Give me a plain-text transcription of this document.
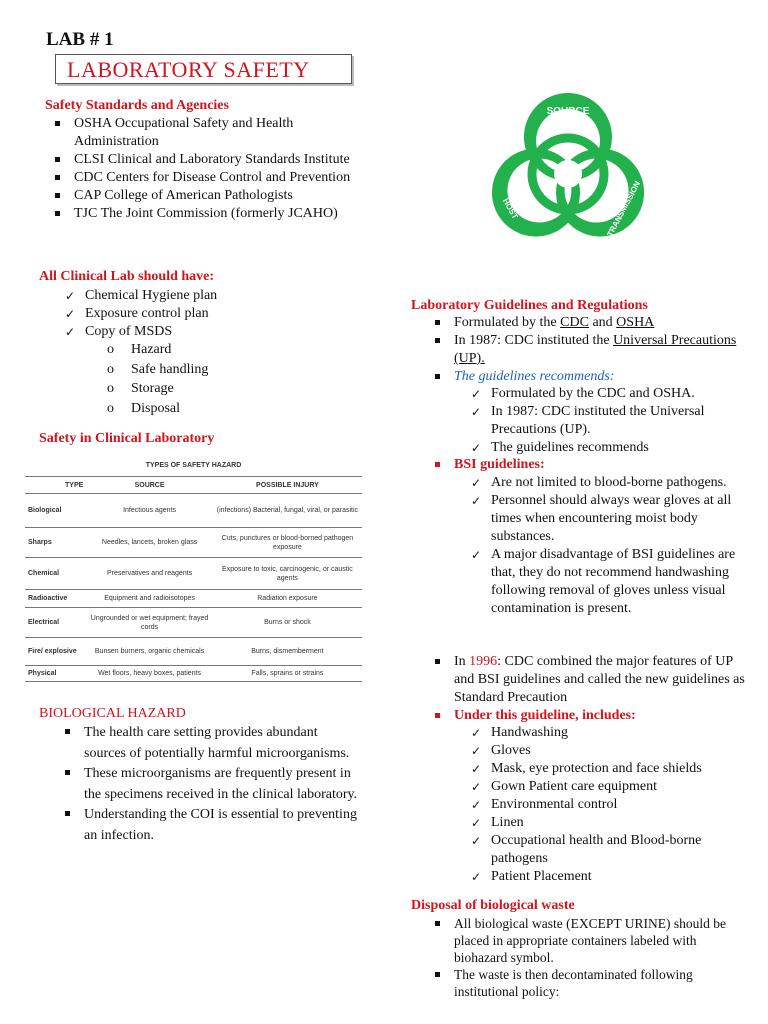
LAB # 1
LABORATORY SAFETY
Safety Standards and Agencies
OSHA Occupational Safety and Health Administration
CLSI Clinical and Laboratory Standards Institute
CDC Centers for Disease Control and Prevention
CAP College of American Pathologists
TJC The Joint Commission (formerly JCAHO)
All Clinical Lab should have:
✓ Chemical Hygiene plan
✓ Exposure control plan
✓ Copy of MSDS
o Hazard
o Safe handling
o Storage
o Disposal
Safety in Clinical Laboratory
TYPES OF SAFETY HAZARD		
TYPE	SOURCE	POSSIBLE INJURY
Biological	Infectious agents	(infections) Bacterial, fungal, viral, or parasitic
Sharps	Needles, lancets, broken glass	Cuts, punctures or blood-borned pathogen exposure
Chemical	Preservatives and reagents	Exposure to toxic, carcinogenic, or caustic agents
Radioactive	Equipment and radioisotopes	Radiation exposure
Electrical	Ungrounded or wet equipment; frayed cords	Burns or shock
Fire/ explosive	Bunsen burners, organic chemicals	Burns, dismemberment
Physical	Wet floors, heavy boxes, patients	Falls, sprains or strains
BIOLOGICAL HAZARD
The health care setting provides abundant sources of potentially harmful microorganisms.
These microorganisms are frequently present in the specimens received in the clinical laboratory.
Understanding the COI is essential to preventing an infection.
SOURCE
HOST	TRANSMISSION
Laboratory Guidelines and Regulations
Formulated by the CDC and OSHA
In 1987: CDC instituted the Universal Precautions (UP).
The guidelines recommends:
✓ Formulated by the CDC and OSHA.
✓ In 1987: CDC instituted the Universal Precautions (UP).
✓ The guidelines recommends
BSI guidelines:
✓ Are not limited to blood-borne pathogens.
✓ Personnel should always wear gloves at all times when encountering moist body substances.
✓ A major disadvantage of BSI guidelines are that, they do not recommend handwashing following removal of gloves unless visual contamination is present.
In 1996: CDC combined the major features of UP and BSI guidelines and called the new guidelines as Standard Precaution
Under this guideline, includes:
✓ Handwashing
✓ Gloves
✓ Mask, eye protection and face shields
✓ Gown Patient care equipment
✓ Environmental control
✓ Linen
✓ Occupational health and Blood-borne pathogens
✓ Patient Placement
Disposal of biological waste
All biological waste (EXCEPT URINE) should be placed in appropriate containers labeled with biohazard symbol.
The waste is then decontaminated following institutional policy:
